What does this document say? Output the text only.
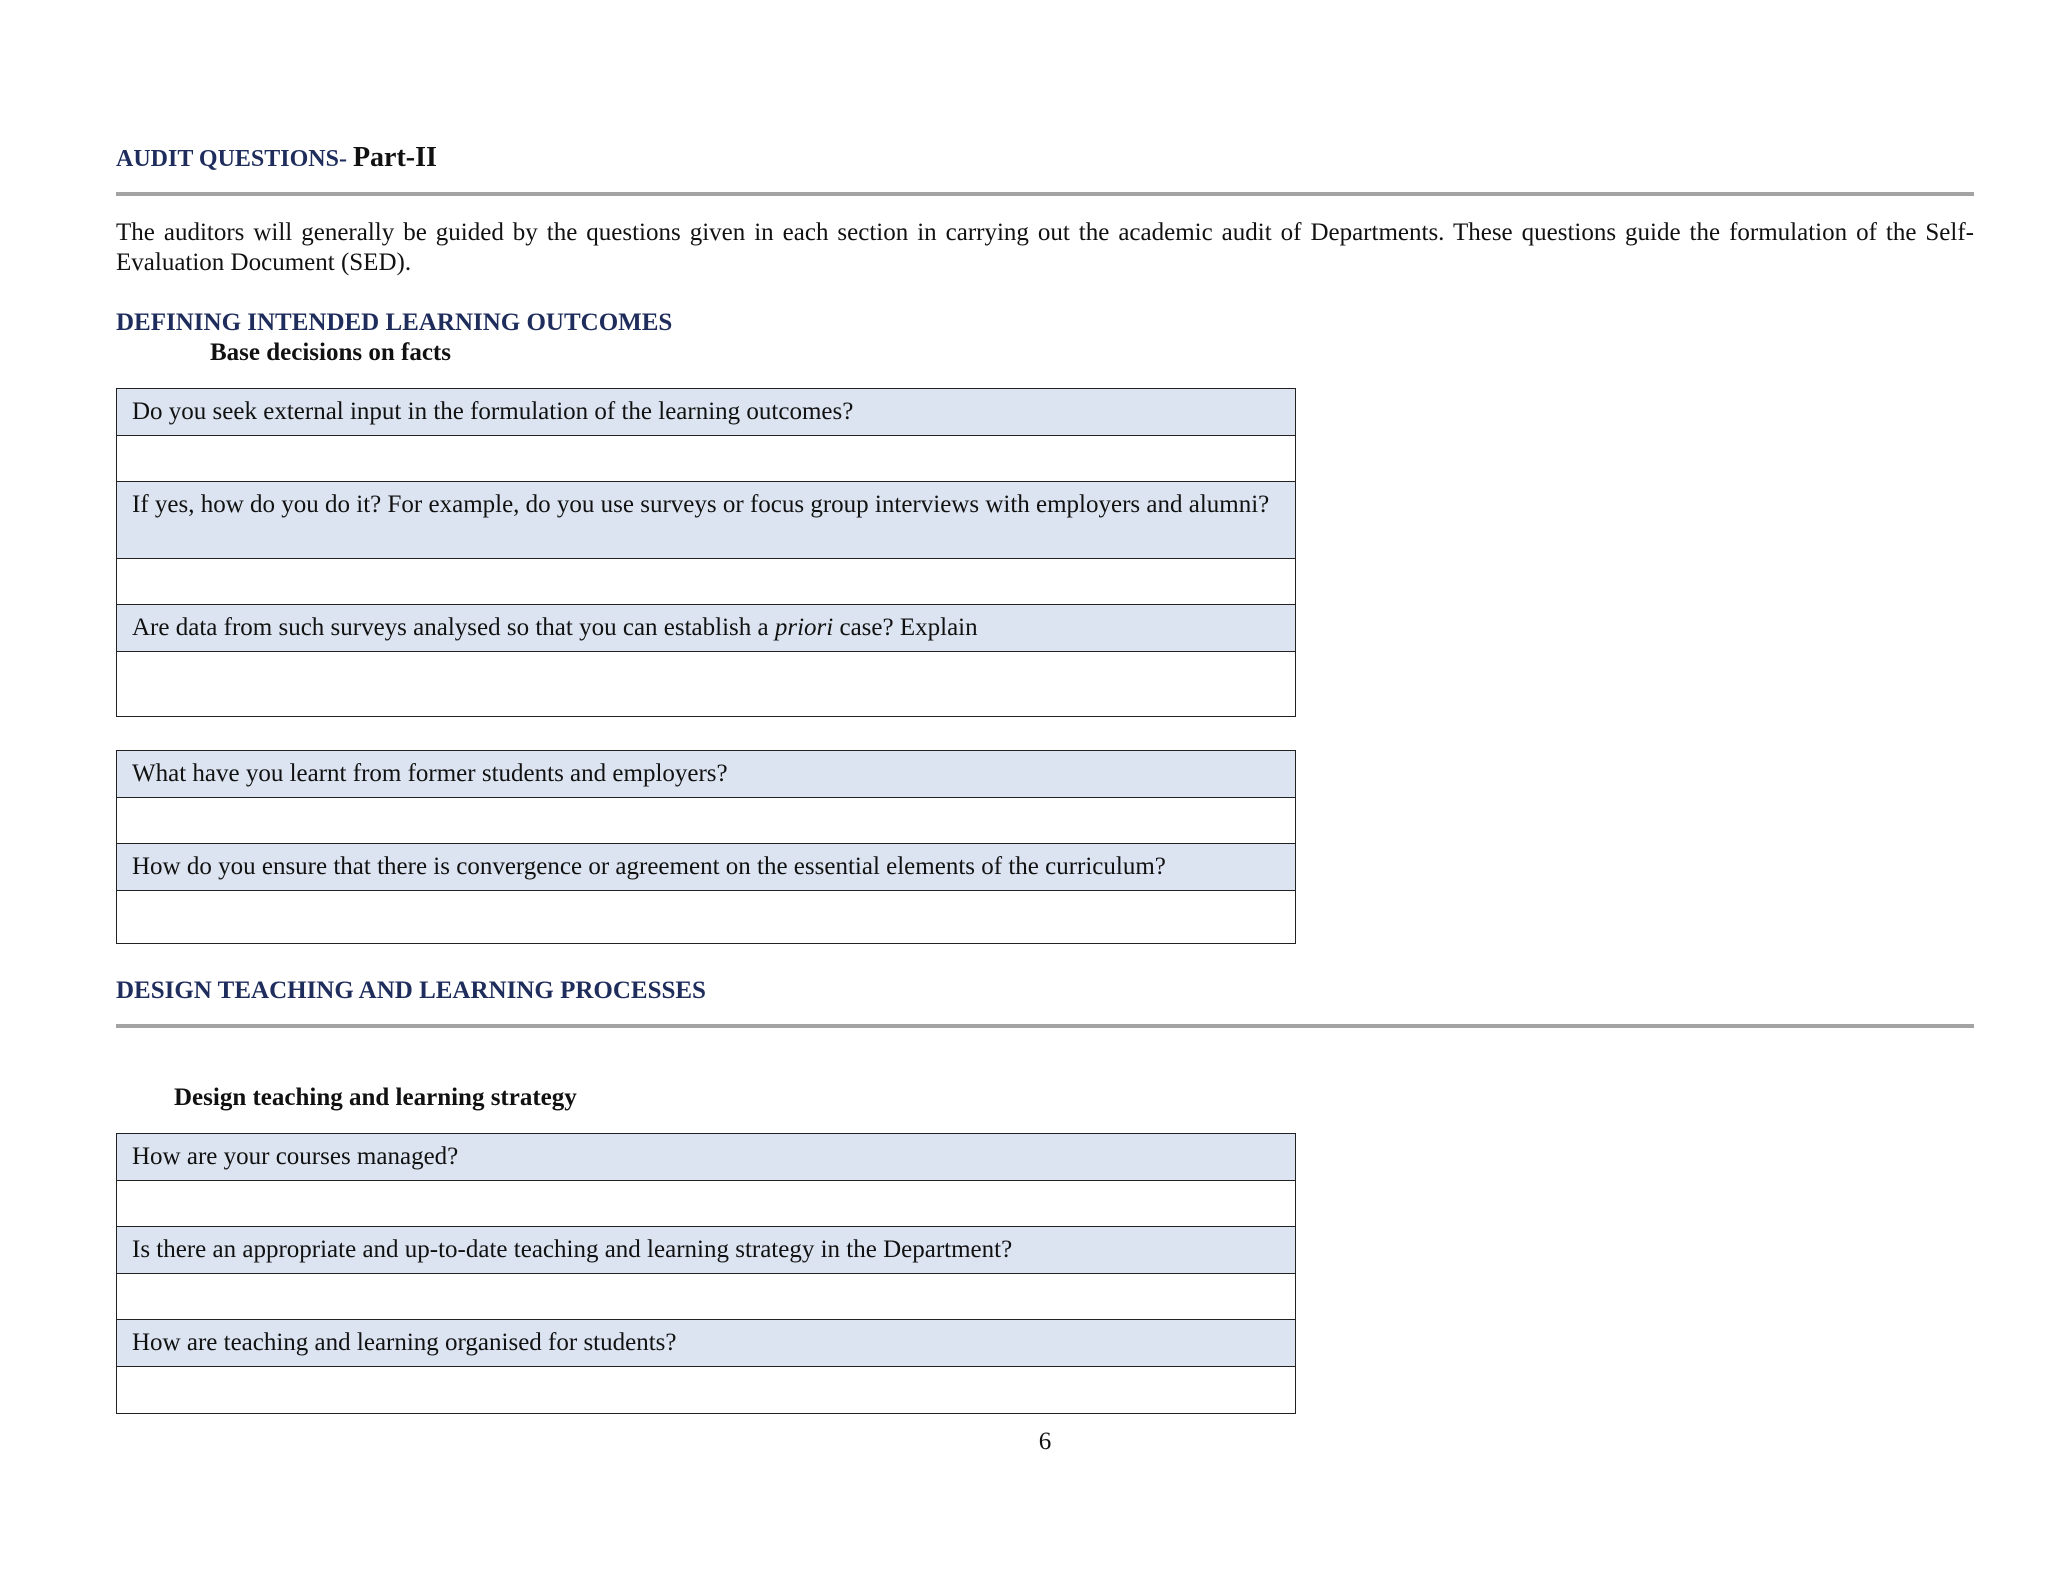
AUDIT QUESTIONS- Part-II
The auditors will generally be guided by the questions given in each section in carrying out the academic audit of Departments. These questions guide the formulation of the Self-Evaluation Document (SED).
DEFINING INTENDED LEARNING OUTCOMES
Base decisions on facts
Do you seek external input in the formulation of the learning outcomes?
If yes, how do you do it? For example, do you use surveys or focus group interviews with employers and alumni?
Are data from such surveys analysed so that you can establish a priori case? Explain
What have you learnt from former students and employers?
How do you ensure that there is convergence or agreement on the essential elements of the curriculum?
DESIGN TEACHING AND LEARNING PROCESSES
Design teaching and learning strategy
How are your courses managed?
Is there an appropriate and up-to-date teaching and learning strategy in the Department?
How are teaching and learning organised for students?
6
